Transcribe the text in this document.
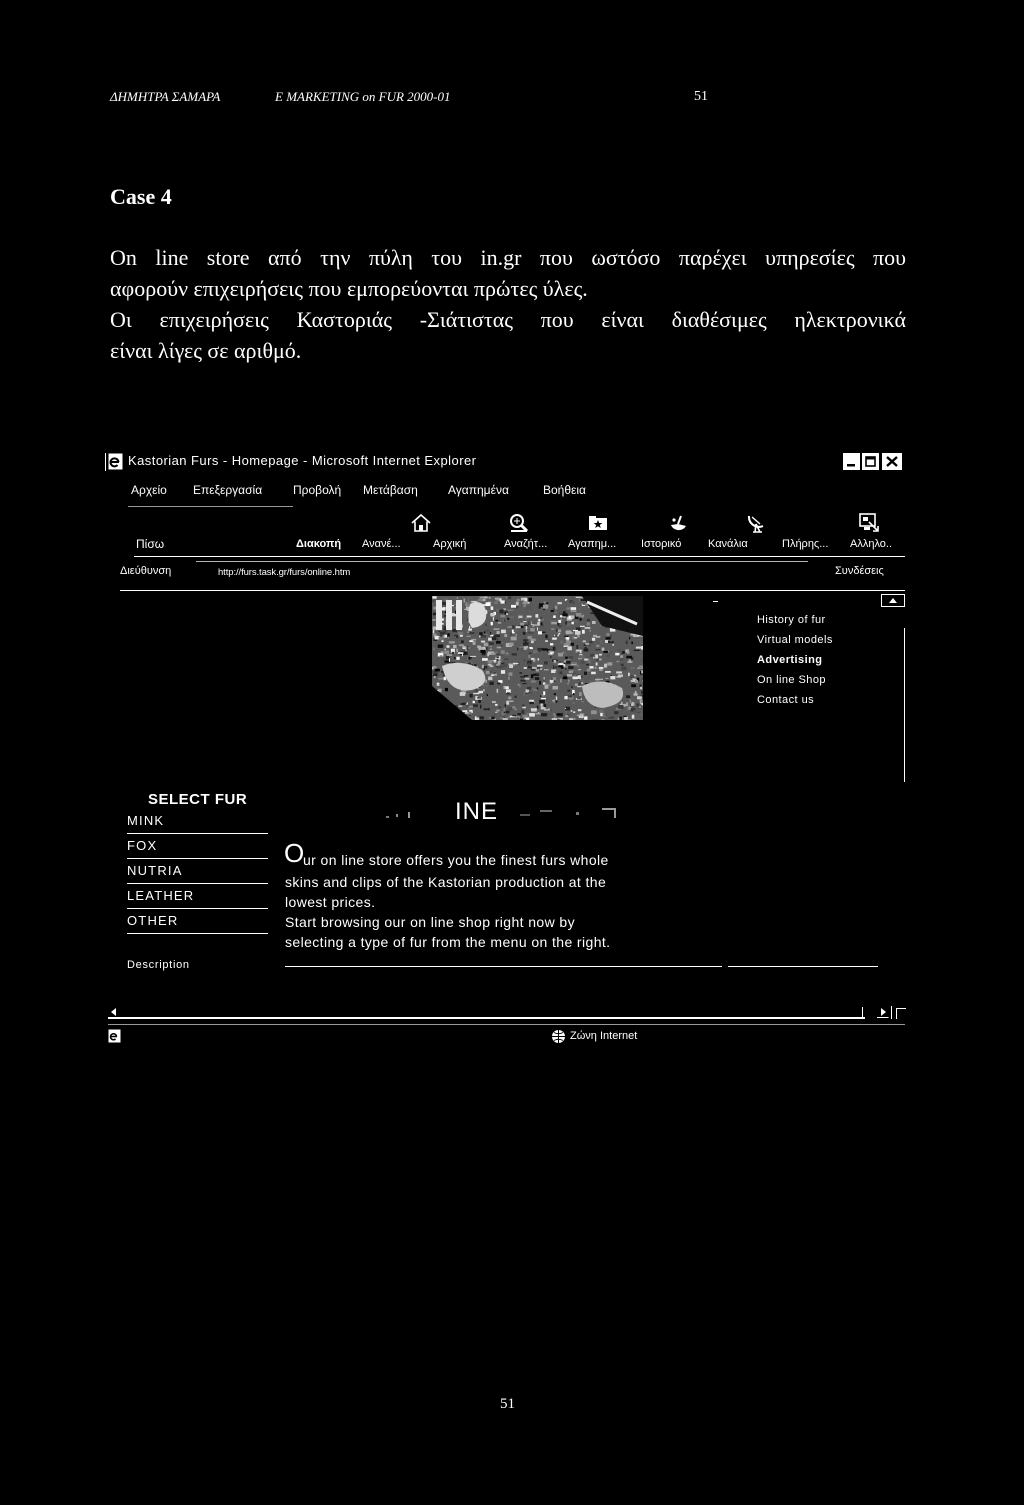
ΔΗΜΗΤΡΑ ΣΑΜΑΡΑ	E MARKETING on FUR 2000-01	51
Case 4
On line store από την πύλη του in.gr που ωστόσο παρέχει υπηρεσίες που
αφορούν επιχειρήσεις που εμπορεύονται πρώτες ύλες.
Οι επιχειρήσεις Καστοριάς -Σιάτιστας που είναι διαθέσιμες ηλεκτρονικά
είναι λίγες σε αριθμό.
Kastorian Furs - Homepage - Microsoft Internet Explorer
Αρχείο Επεξεργασία	Προβολή Μετάβαση	Αγαπημένα	Βοήθεια
Πίσω	Διακοπή Ανανέ...	Αρχική	Αναζήτ... Αγαπημ... Ιστορικό Κανάλια	Πλήρης... Αλληλο..
Διεύθυνση	http://furs.task.gr/furs/online.htm	Συνδέσεις
History of fur
Virtual models
Advertising
On line Shop
Contact us
SELECT FUR
MINK
FOX
NUTRIA
LEATHER
OTHER
Description
INE
O
ur on line store offers you the finest furs whole
skins and clips of the Kastorian production at the
lowest prices.
Start browsing our on line shop right now by
selecting a type of fur from the menu on the right.
Ζώνη Internet
51
